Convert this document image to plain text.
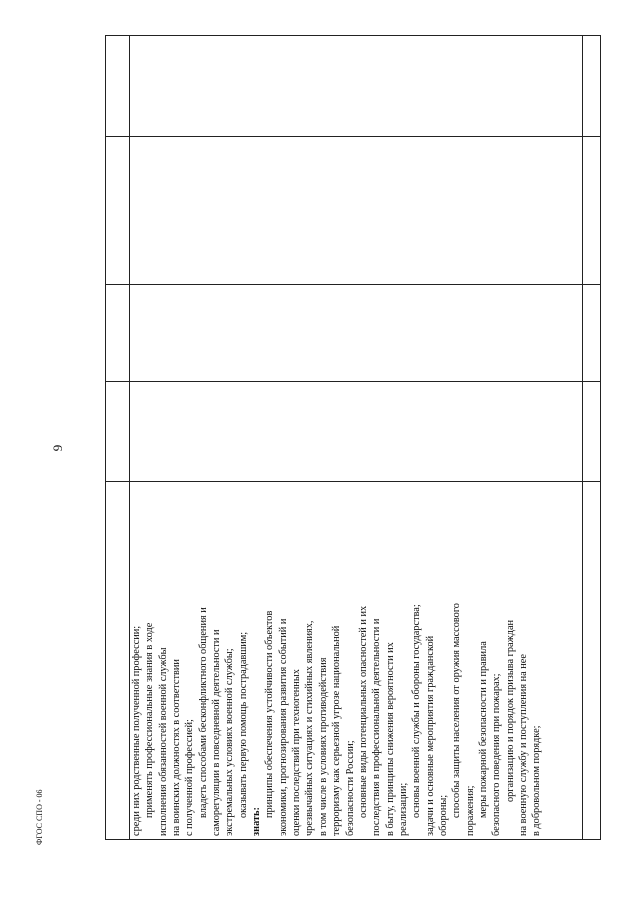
9
ФГОС СПО - 06	среди них родственные полученной профессии; применять профессиональные знания в ходе исполнения обязанностей военной службы на воинских должностях в соответствии с полученной профессией; владеть способами бесконфликтного общения и саморегуляции в повседневной деятельности и экстремальных условиях военной службы; оказывать первую помощь пострадавшим;

знать:

принципы обеспечения устойчивости объектов экономики, прогнозирования развития событий и оценки последствий при техногенных чрезвычайных ситуациях и стихийных явлениях, в том числе в условиях противодействия терроризму как серьезной угрозе национальной безопасности России; основные виды потенциальных опасностей и их последствия в профессиональной деятельности и в быту, принципы снижения вероятности их реализации; основы военной службы и обороны государства; задачи и основные мероприятия гражданской обороны; способы защиты населения от оружия массового поражения; меры пожарной безопасности и правила безопасного поведения при пожарах; организацию и порядок призыва граждан на военную службу и поступления на нее в добровольном порядке;
